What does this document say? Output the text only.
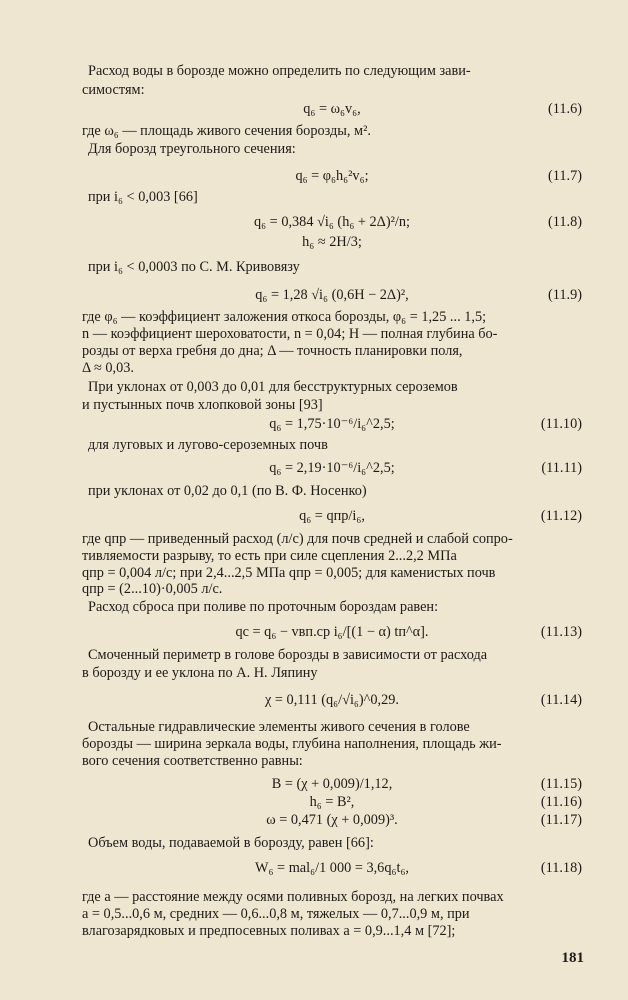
Расход воды в борозде можно определить по следующим зави-
симостям:
q₆ = ω₆v₆,	(11.6)
где ω₆ — площадь живого сечения борозды, м².
Для борозд треугольного сечения:
q₆ = φ₆h₆²v₆;	(11.7)
при i₆ < 0,003 [66]
q₆ = 0,384 √i₆ (h₆ + 2Δ)²/n;	(11.8)
h₆ ≈ 2H/3;
при i₆ < 0,0003 по С. М. Кривовязу
q₆ = 1,28 √i₆ (0,6H − 2Δ)²,	(11.9)
где φ₆ — коэффициент заложения откоса борозды, φ₆ = 1,25 ... 1,5;
n — коэффициент шероховатости, n = 0,04; H — полная глубина бо-
розды от верха гребня до дна; Δ — точность планировки поля,
Δ ≈ 0,03.
При уклонах от 0,003 до 0,01 для бесструктурных сероземов
и пустынных почв хлопковой зоны [93]
q₆ = 1,75·10⁻⁶/i₆^2,5;	(11.10)
для луговых и лугово-сероземных почв
q₆ = 2,19·10⁻⁶/i₆^2,5;	(11.11)
при уклонах от 0,02 до 0,1 (по В. Ф. Носенко)
q₆ = qпр/i₆,	(11.12)
где qпр — приведенный расход (л/с) для почв средней и слабой сопро-
тивляемости разрыву, то есть при силе сцепления 2...2,2 МПа
qпр = 0,004 л/с; при 2,4...2,5 МПа qпр = 0,005; для каменистых почв
qпр = (2...10)·0,005 л/с.
Расход сброса при поливе по проточным бороздам равен:
qс = q₆ − vвп.ср i₆/[(1 − α) tп^α].	(11.13)
Смоченный периметр в голове борозды в зависимости от расхода
в борозду и ее уклона по А. Н. Ляпину
χ = 0,111 (q₆/√i₆)^0,29.	(11.14)
Остальные гидравлические элементы живого сечения в голове
борозды — ширина зеркала воды, глубина наполнения, площадь жи-
вого сечения соответственно равны:
B = (χ + 0,009)/1,12,	(11.15)
h₆ = B²,	(11.16)
ω = 0,471 (χ + 0,009)³.	(11.17)
Объем воды, подаваемой в борозду, равен [66]:
W₆ = mal₆/1 000 = 3,6q₆t₆,	(11.18)
где a — расстояние между осями поливных борозд, на легких почвах
a = 0,5...0,6 м, средних — 0,6...0,8 м, тяжелых — 0,7...0,9 м, при
влагозарядковых и предпосевных поливах a = 0,9...1,4 м [72];
181
